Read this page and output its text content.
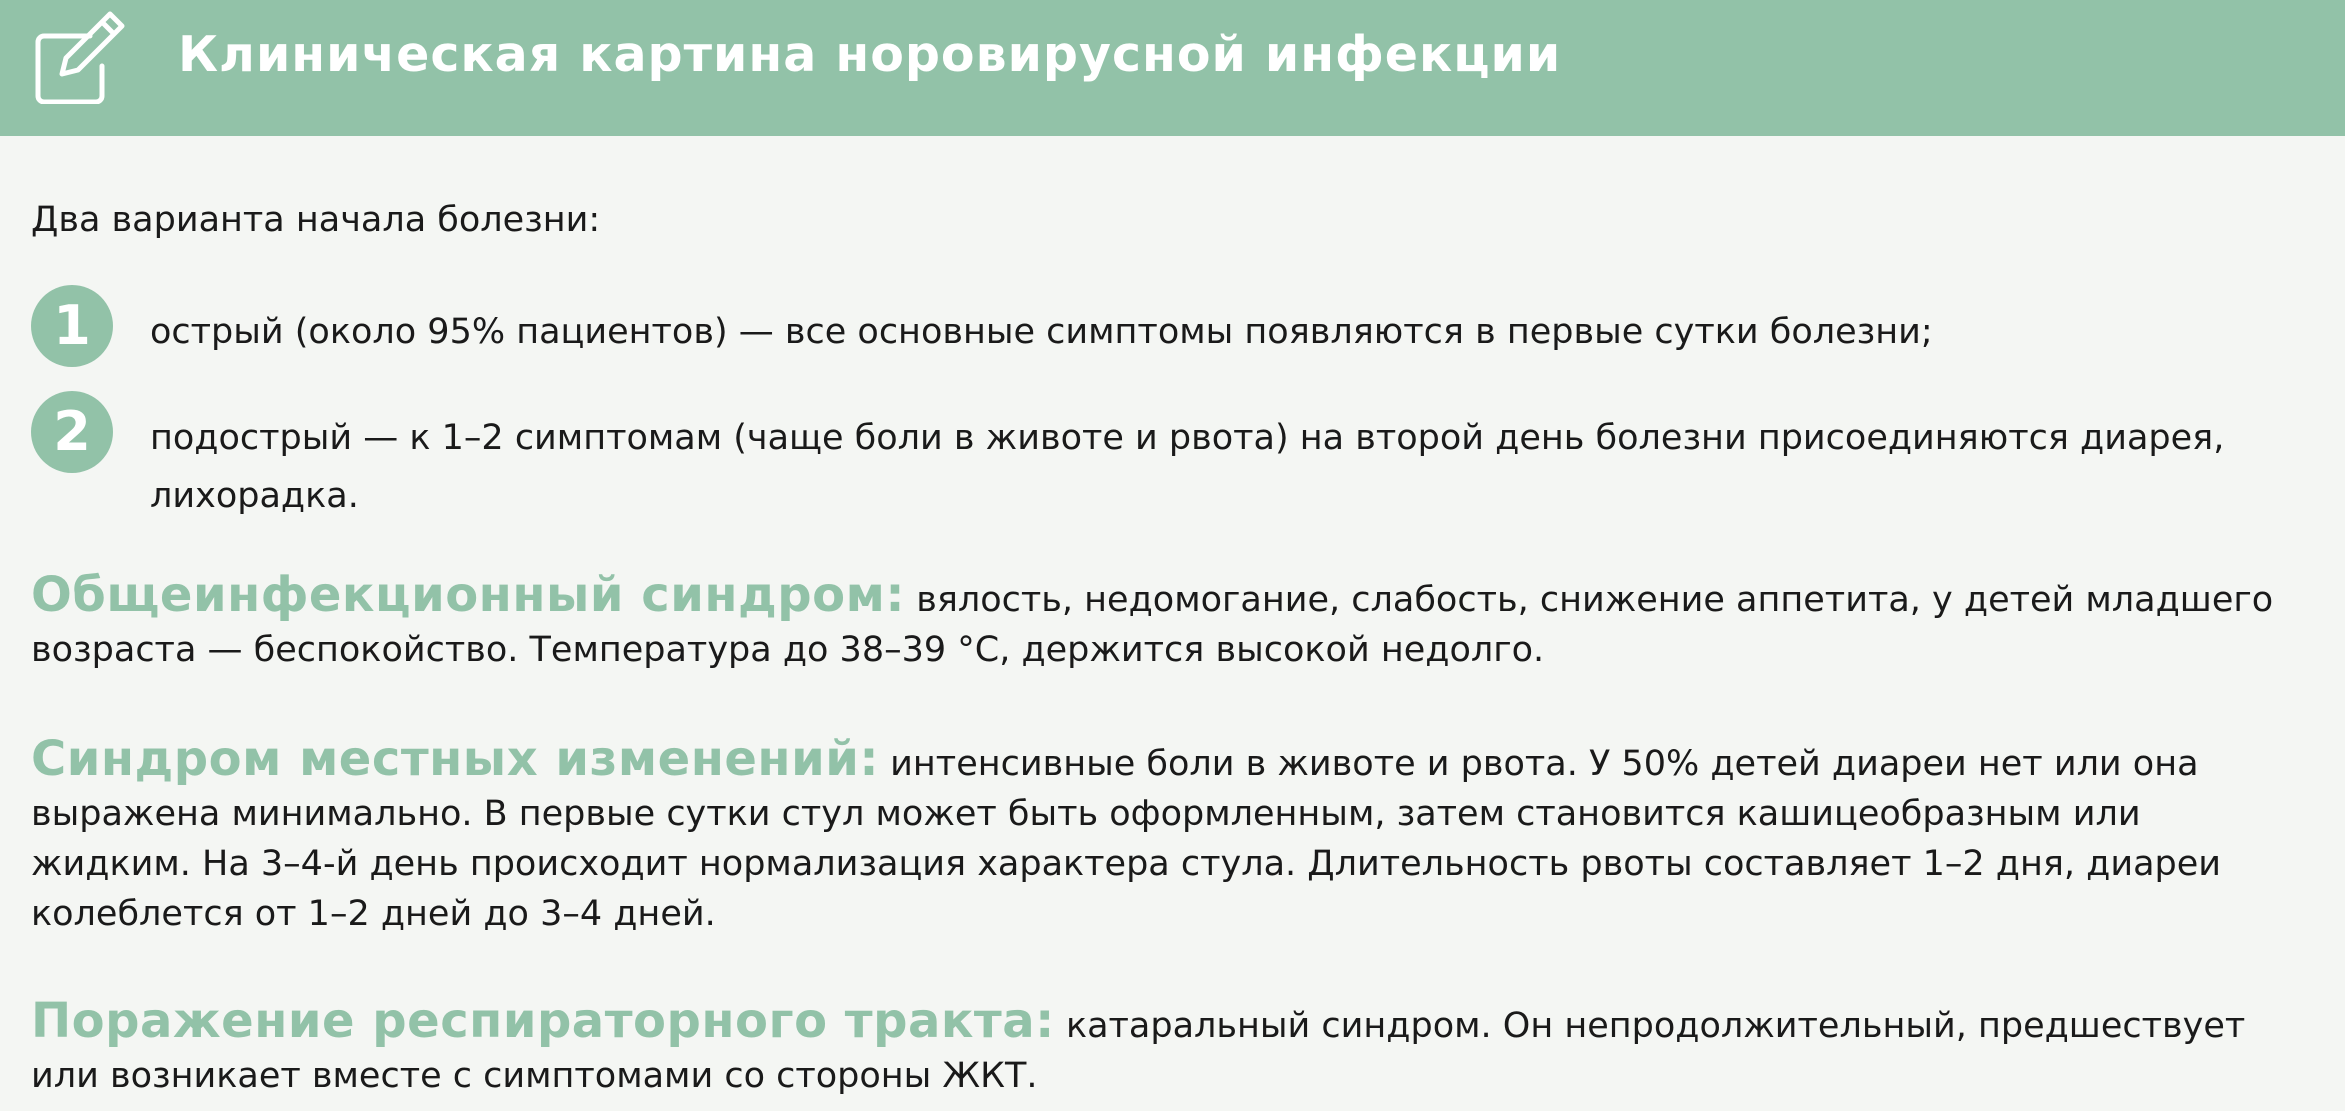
Клиническая картина норовирусной инфекции
Два варианта начала болезни:
1	острый (около 95% пациентов) — все основные симптомы появляются в первые сутки болезни;
2	подострый — к 1–2 симптомам (чаще боли в животе и рвота) на второй день болезни присоединяются диарея, лихорадка.
Общеинфекционный синдром: вялость, недомогание, слабость, снижение аппетита, у детей младшего возраста — беспокойство. Температура до 38–39 °С, держится высокой недолго.
Синдром местных изменений: интенсивные боли в животе и рвота. У 50% детей диареи нет или она выражена минимально. В первые сутки стул может быть оформленным, затем становится кашицеобразным или жидким. На 3–4-й день происходит нормализация характера стула. Длительность рвоты составляет 1–2 дня, диареи колеблется от 1–2 дней до 3–4 дней.
Поражение респираторного тракта: катаральный синдром. Он непродолжительный, предшествует или возникает вместе с симптомами со стороны ЖКТ.
